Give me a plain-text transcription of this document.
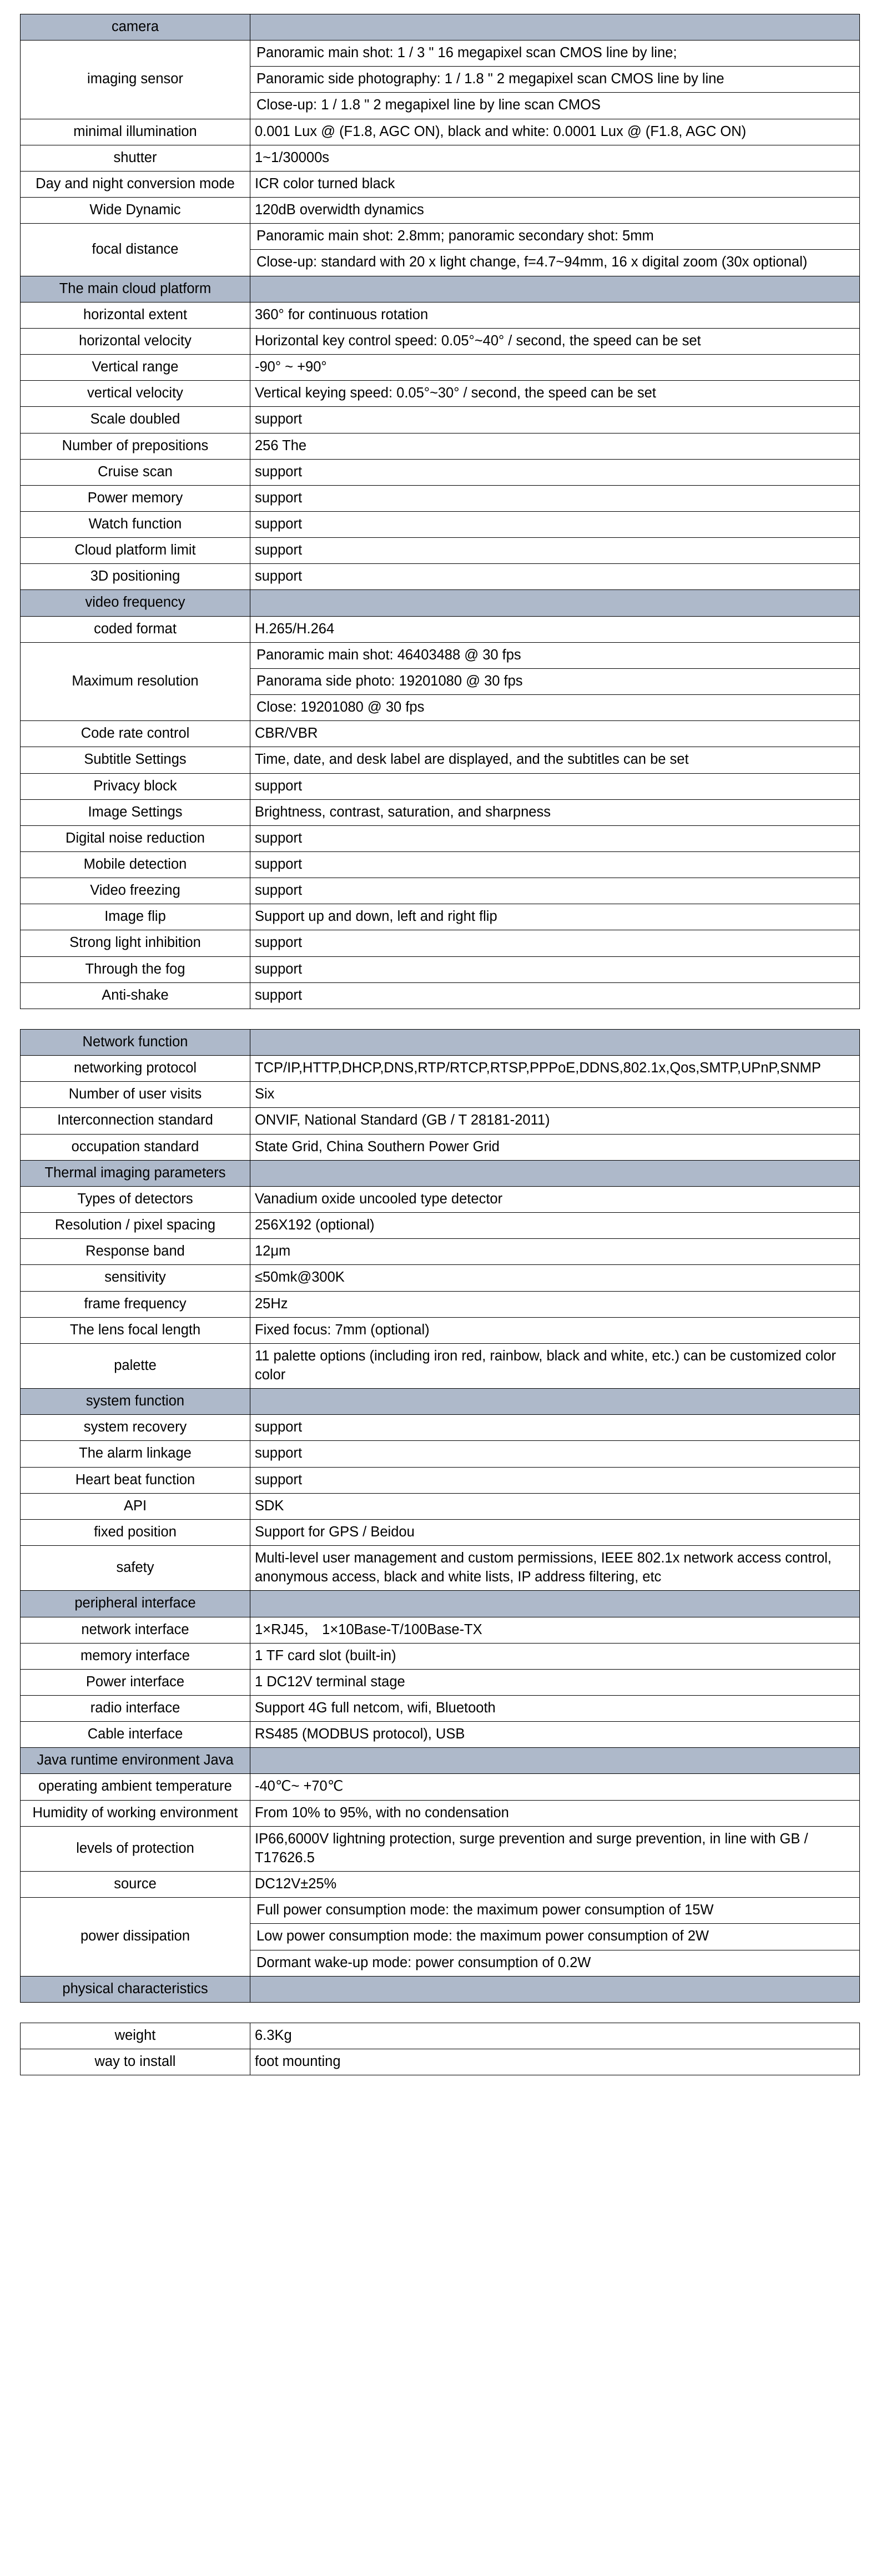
camera	
imaging sensor	Panoramic main shot: 1 / 3 " 16 megapixel scan CMOS line by line;
Panoramic side photography: 1 / 1.8 " 2 megapixel scan CMOS line by line
Close-up: 1 / 1.8 " 2 megapixel line by line scan CMOS

minimal illumination	0.001 Lux @ (F1.8, AGC ON), black and white: 0.0001 Lux @ (F1.8, AGC ON)
shutter	1~1/30000s
Day and night conversion mode	ICR color turned black
Wide Dynamic	120dB overwidth dynamics
focal distance	Panoramic main shot: 2.8mm; panoramic secondary shot: 5mm
Close-up: standard with 20 x light change, f=4.7~94mm, 16 x digital zoom (30x optional)

The main cloud platform	
horizontal extent	360° for continuous rotation
horizontal velocity	Horizontal key control speed: 0.05°~40° / second, the speed can be set
Vertical range	-90° ~ +90°
vertical velocity	Vertical keying speed: 0.05°~30° / second, the speed can be set
Scale doubled	support
Number of prepositions	256 The
Cruise scan	support
Power memory	support
Watch function	support
Cloud platform limit	support
3D positioning	support
video frequency	
coded format	H.265/H.264
Maximum resolution	Panoramic main shot: 46403488 @ 30 fps
Panorama side photo: 19201080 @ 30 fps
Close: 19201080 @ 30 fps

Code rate control	CBR/VBR
Subtitle Settings	Time, date, and desk label are displayed, and the subtitles can be set
Privacy block	support
Image Settings	Brightness, contrast, saturation, and sharpness
Digital noise reduction	support
Mobile detection	support
Video freezing	support
Image flip	Support up and down, left and right flip
Strong light inhibition	support
Through the fog	support
Anti-shake	support
Network function	
networking protocol	TCP/IP,HTTP,DHCP,DNS,RTP/RTCP,RTSP,PPPoE,DDNS,802.1x,Qos,SMTP,UPnP,SNMP
Number of user visits	Six
Interconnection standard	ONVIF, National Standard (GB / T 28181-2011)
occupation standard	State Grid, China Southern Power Grid
Thermal imaging parameters	
Types of detectors	Vanadium oxide uncooled type detector
Resolution / pixel spacing	256X192 (optional)
Response band	12μm
sensitivity	≤50mk@300K
frame frequency	25Hz
The lens focal length	Fixed focus: 7mm (optional)
palette	11 palette options (including iron red, rainbow, black and white, etc.) can be customized color color
system function	
system recovery	support
The alarm linkage	support
Heart beat function	support
API	SDK
fixed position	Support for GPS / Beidou
safety	Multi-level user management and custom permissions, IEEE 802.1x network access control, anonymous access, black and white lists, IP address filtering, etc
peripheral interface	
network interface	1×RJ45， 1×10Base-T/100Base-TX
memory interface	1 TF card slot (built-in)
Power interface	1 DC12V terminal stage
radio interface	Support 4G full netcom, wifi, Bluetooth
Cable interface	RS485 (MODBUS protocol), USB
Java runtime environment Java	
operating ambient temperature	-40℃~ +70℃
Humidity of working environment	From 10% to 95%, with no condensation
levels of protection	IP66,6000V lightning protection, surge prevention and surge prevention, in line with GB / T17626.5
source	DC12V±25%
power dissipation	Full power consumption mode: the maximum power consumption of 15W
Low power consumption mode: the maximum power consumption of 2W
Dormant wake-up mode: power consumption of 0.2W

physical characteristics	
weight	6.3Kg
way to install	foot mounting
